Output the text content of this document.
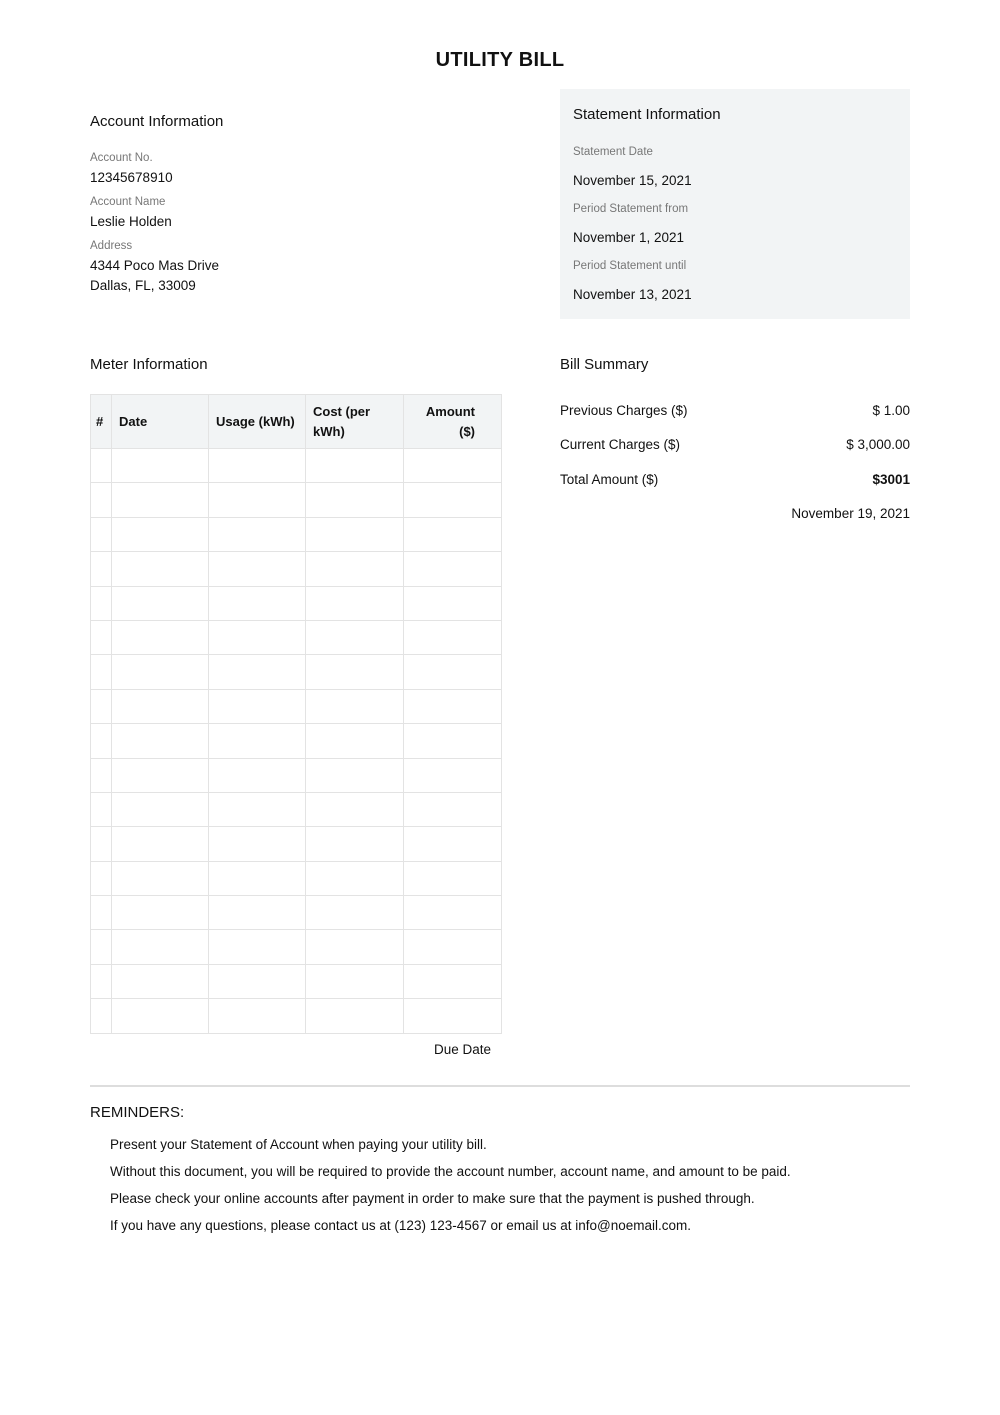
UTILITY BILL
Account Information
Account No.
12345678910
Account Name
Leslie Holden
Address
4344 Poco Mas Drive
Dallas, FL, 33009
Statement Information
Statement Date
November 15, 2021
Period Statement from
November 1, 2021
Period Statement until
November 13, 2021
Meter Information
#	Date	Usage (kWh)	Cost (per kWh)	Amount ($)

Due Date
Bill Summary
Previous Charges ($)	$ 1.00
Current Charges ($)	$ 3,000.00
Total Amount ($)	$3001
November 19, 2021
REMINDERS:
Present your Statement of Account when paying your utility bill.
Without this document, you will be required to provide the account number, account name, and amount to be paid.
Please check your online accounts after payment in order to make sure that the payment is pushed through.
If you have any questions, please contact us at (123) 123-4567 or email us at info@noemail.com.
